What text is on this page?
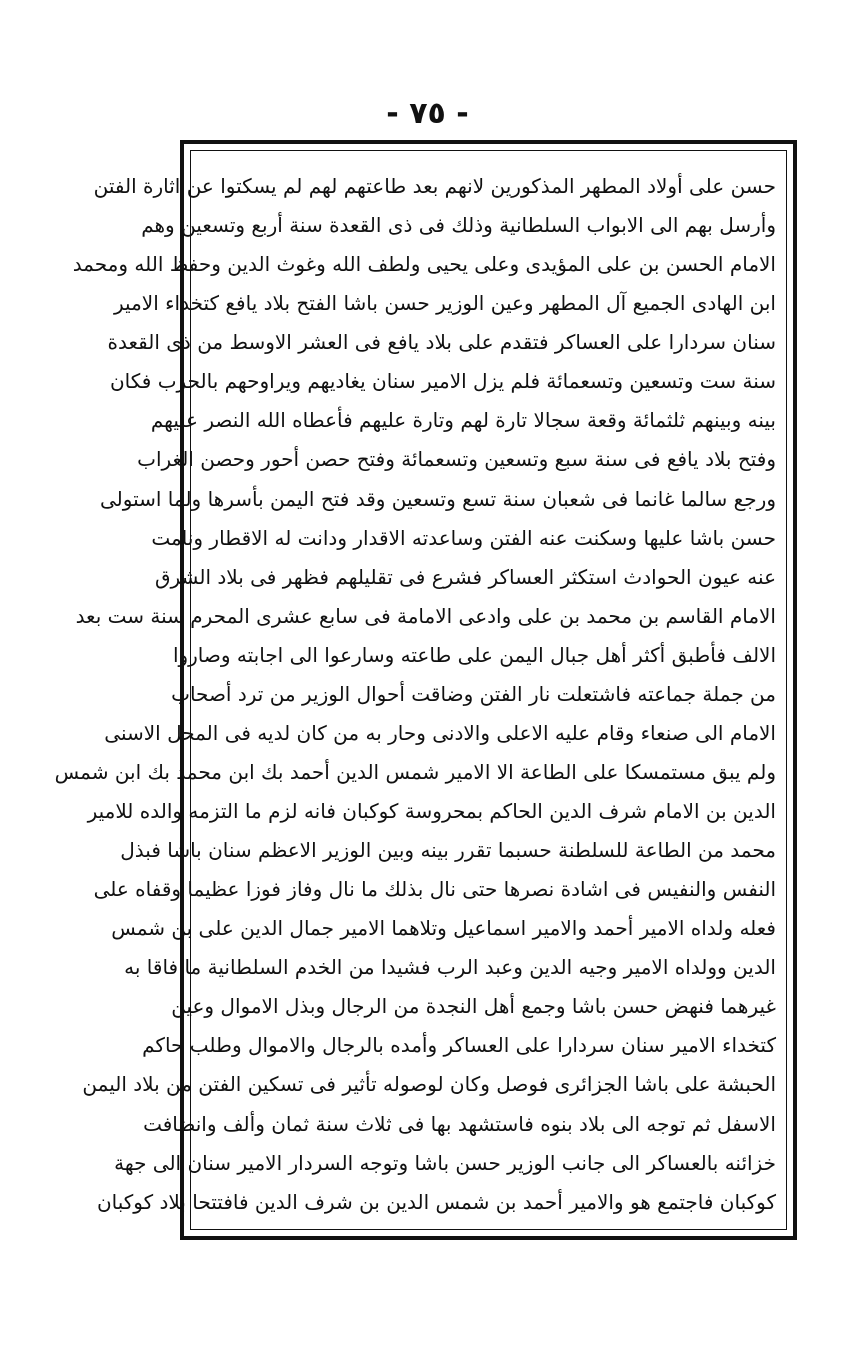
- ٧٥ -
حسن على أولاد المطهر المذكورين لانهم بعد طاعتهم لهم لم يسكتوا عن اثارة الفتن
وأرسل بهم الى الابواب السلطانية وذلك فى ذى القعدة سنة أربع وتسعين وهم
الامام الحسن بن على المؤيدى وعلى يحيى ولطف الله وغوث الدين وحفظ الله ومحمد
ابن الهادى الجميع آل المطهر وعين الوزير حسن باشا الفتح بلاد يافع كتخداء الامير
سنان سردارا على العساكر فتقدم على بلاد يافع فى العشر الاوسط من ذى القعدة
سنة ست وتسعين وتسعمائة فلم يزل الامير سنان يغاديهم ويراوحهم بالحرب فكان
بينه وبينهم ثلثمائة وقعة سجالا تارة لهم وتارة عليهم فأعطاه الله النصر عليهم
وفتح بلاد يافع فى سنة سبع وتسعين وتسعمائة وفتح حصن أحور وحصن الغراب
ورجع سالما غانما فى شعبان سنة تسع وتسعين وقد فتح اليمن بأسرها ولما استولى
حسن باشا عليها وسكنت عنه الفتن وساعدته الاقدار ودانت له الاقطار ونامت
عنه عيون الحوادث استكثر العساكر فشرع فى تقليلهم فظهر فى بلاد الشرق
الامام القاسم بن محمد بن على وادعى الامامة فى سابع عشرى المحرم سنة ست بعد
الالف فأطبق أكثر أهل جبال اليمن على طاعته وسارعوا الى اجابته وصاروا
من جملة جماعته فاشتعلت نار الفتن وضاقت أحوال الوزير من ترد أصحاب
الامام الى صنعاء وقام عليه الاعلى والادنى وحار به من كان لديه فى المحل الاسنى
ولم يبق مستمسكا على الطاعة الا الامير شمس الدين أحمد بك ابن محمد بك ابن شمس
الدين بن الامام شرف الدين الحاكم بمحروسة كوكبان فانه لزم ما التزمه والده للامير
محمد من الطاعة للسلطنة حسبما تقرر بينه وبين الوزير الاعظم سنان باشا فبذل
النفس والنفيس فى اشادة نصرها حتى نال بذلك ما نال وفاز فوزا عظيما وقفاه على
فعله ولداه الامير أحمد والامير اسماعيل وتلاهما الامير جمال الدين على بن شمس
الدين وولداه الامير وجيه الدين وعبد الرب فشيدا من الخدم السلطانية ما فاقا به
غيرهما فنهض حسن باشا وجمع أهل النجدة من الرجال وبذل الاموال وعين
كتخداء الامير سنان سردارا على العساكر وأمده بالرجال والاموال وطلب حاكم
الحبشة على باشا الجزائرى فوصل وكان لوصوله تأثير فى تسكين الفتن من بلاد اليمن
الاسفل ثم توجه الى بلاد بنوه فاستشهد بها فى ثلاث سنة ثمان وألف وانضافت
خزائنه بالعساكر الى جانب الوزير حسن باشا وتوجه السردار الامير سنان الى جهة
كوكبان فاجتمع هو والامير أحمد بن شمس الدين بن شرف الدين فافتتحا بلاد كوكبان
